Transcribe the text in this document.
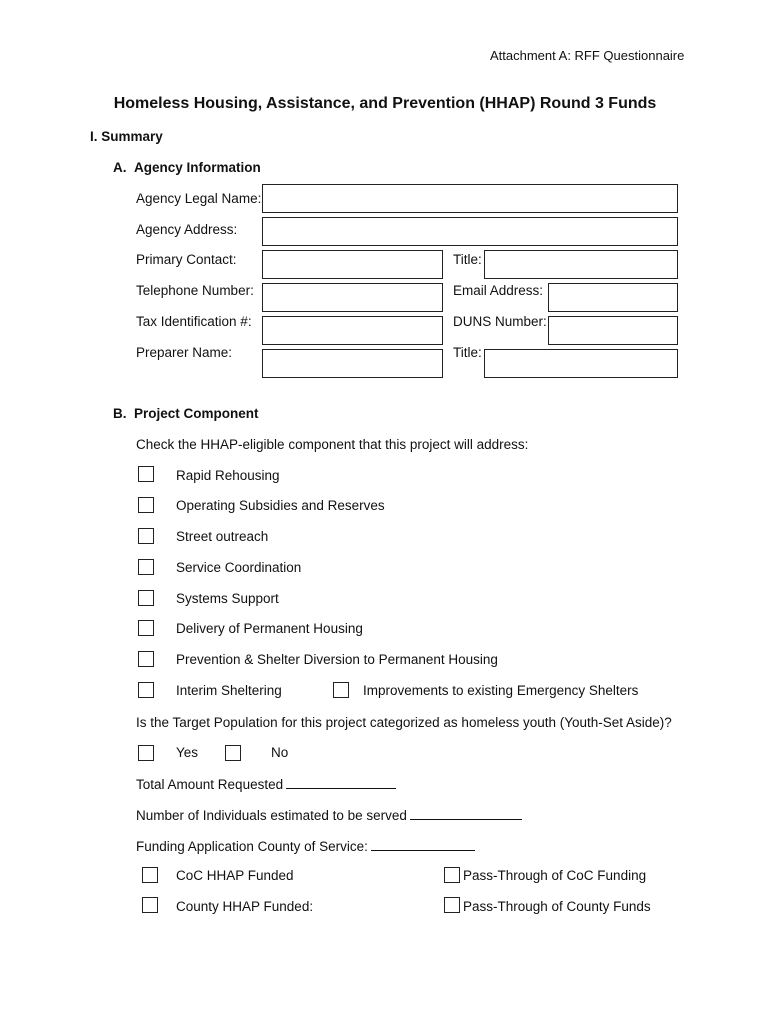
Attachment A: RFF Questionnaire
Homeless Housing, Assistance, and Prevention (HHAP) Round 3 Funds
I. Summary
A.  Agency Information
Agency Legal Name:
Agency Address:
Primary Contact:	Title:
Telephone Number:	Email Address:
Tax Identification #:	DUNS Number:
Preparer Name:	Title:
B.  Project Component
Check the HHAP-eligible component that this project will address:
Rapid Rehousing
Operating Subsidies and Reserves
Street outreach
Service Coordination
Systems Support
Delivery of Permanent Housing
Prevention & Shelter Diversion to Permanent Housing
Interim Sheltering	Improvements to existing Emergency Shelters
Is the Target Population for this project categorized as homeless youth (Youth-Set Aside)?
Yes	No
Total Amount Requested
Number of Individuals estimated to be served
Funding Application County of Service:
CoC HHAP Funded	Pass-Through of CoC Funding
County HHAP Funded:	Pass-Through of County Funds
